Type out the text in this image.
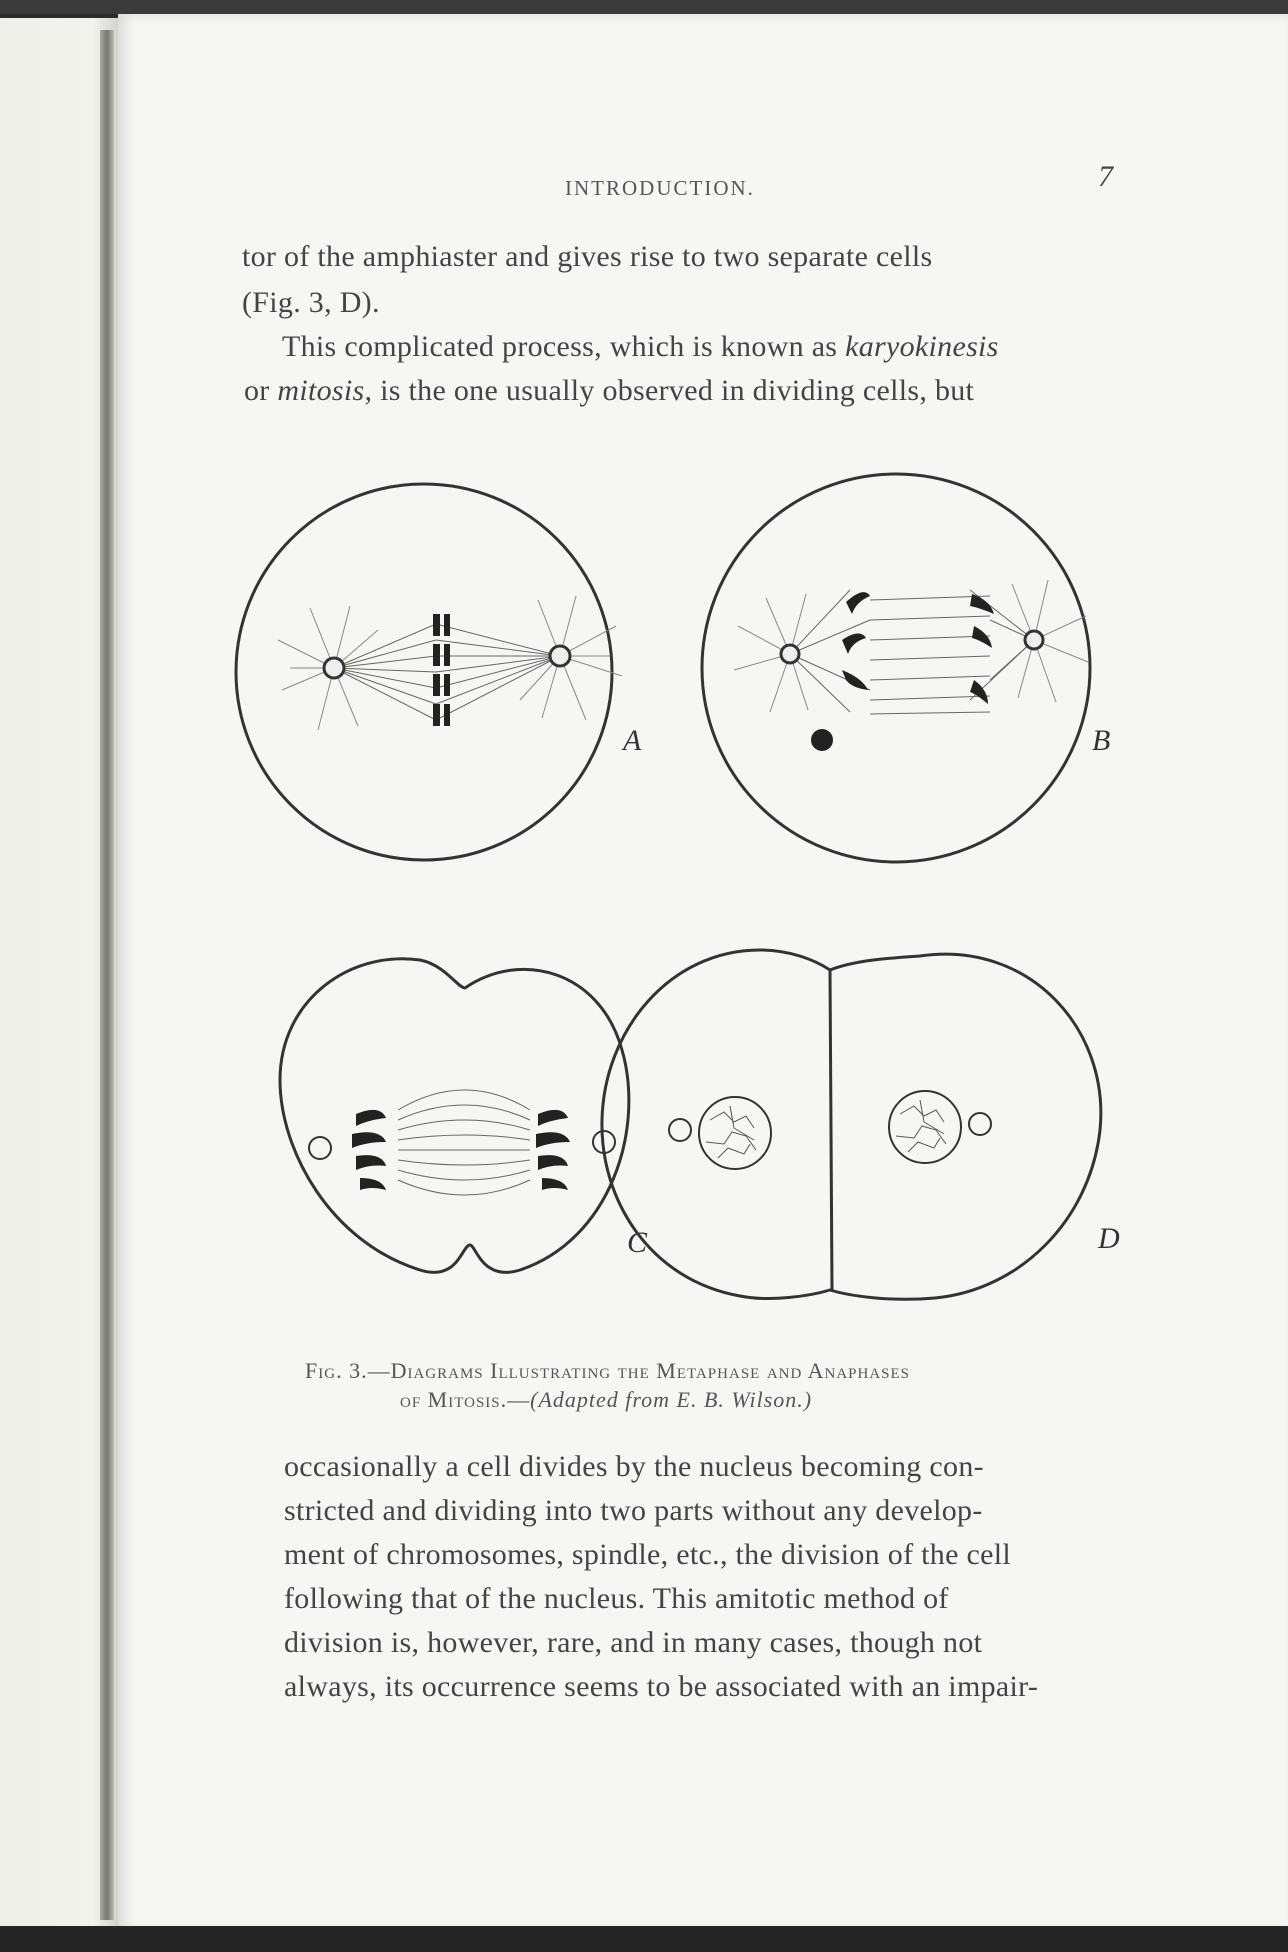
INTRODUCTION.	7
tor of the amphiaster and gives rise to two separate cells
(Fig. 3, D).
This complicated process, which is known as karyokinesis
or mitosis, is the one usually observed in dividing cells, but
A	B
C	D
Fig. 3.—Diagrams Illustrating the Metaphase and Anaphases
of Mitosis.—(Adapted from E. B. Wilson.)
occasionally a cell divides by the nucleus becoming con-
stricted and dividing into two parts without any develop-
ment of chromosomes, spindle, etc., the division of the cell
following that of the nucleus. This amitotic method of
division is, however, rare, and in many cases, though not
always, its occurrence seems to be associated with an impair-
